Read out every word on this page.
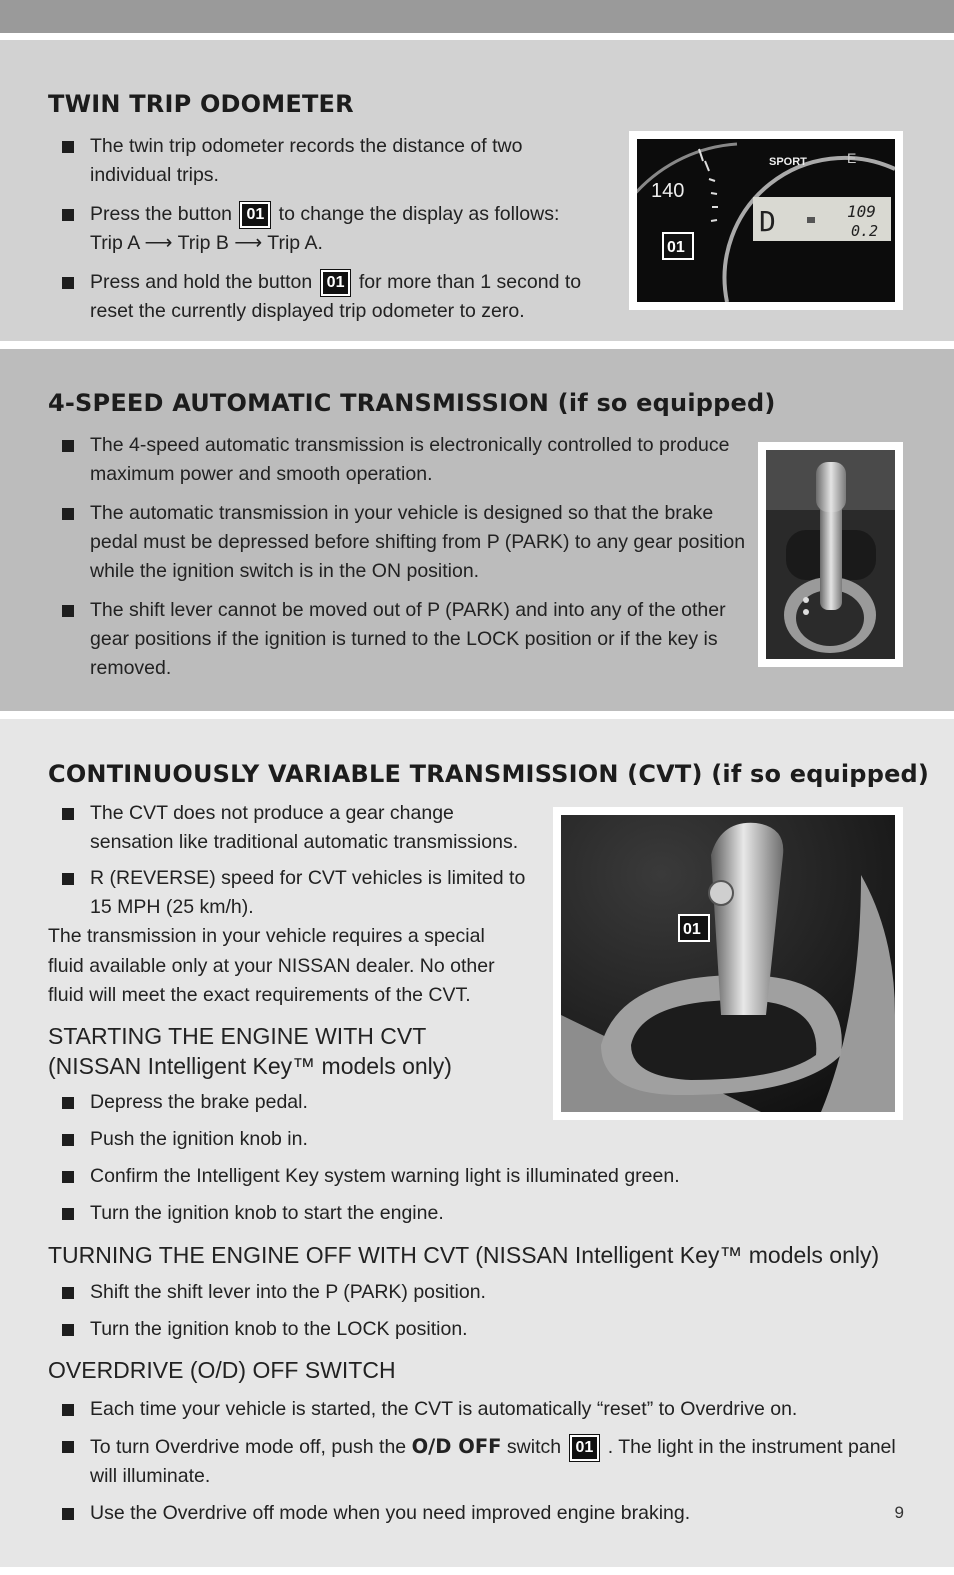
TWIN TRIP ODOMETER
The twin trip odometer records the distance of two individual trips.
Press the button 01 to change the display as follows:
Trip A ⟶ Trip B ⟶ Trip A.
Press and hold the button 01 for more than 1 second to reset the currently displayed trip odometer to zero.
140
SPORT	E
D	109
0.2
01
4-SPEED AUTOMATIC TRANSMISSION (if so equipped)
The 4-speed automatic transmission is electronically controlled to produce maximum power and smooth operation.
The automatic transmission in your vehicle is designed so that the brake pedal must be depressed before shifting from P (PARK) to any gear position while the ignition switch is in the ON position.
The shift lever cannot be moved out of P (PARK) and into any of the other gear positions if the ignition is turned to the LOCK position or if the key is removed.
CONTINUOUSLY VARIABLE TRANSMISSION (CVT) (if so equipped)
The CVT does not produce a gear change sensation like traditional automatic transmissions.
R (REVERSE) speed for CVT vehicles is limited to 15 MPH (25 km/h).

The transmission in your vehicle requires a special fluid available only at your NISSAN dealer. No other fluid will meet the exact requirements of the CVT.

01

STARTING THE ENGINE WITH CVT
(NISSAN Intelligent Key™ models only)

Depress the brake pedal.
Push the ignition knob in.
Confirm the Intelligent Key system warning light is illuminated green.
Turn the ignition knob to start the engine.

TURNING THE ENGINE OFF WITH CVT (NISSAN Intelligent Key™ models only)

Shift the shift lever into the P (PARK) position.
Turn the ignition knob to the LOCK position.

OVERDRIVE (O/D) OFF SWITCH

Each time your vehicle is started, the CVT is automatically “reset” to Overdrive on.
To turn Overdrive mode off, push the O/D OFF switch 01 . The light in the instrument panel will illuminate.
Use the Overdrive off mode when you need improved engine braking.	9
